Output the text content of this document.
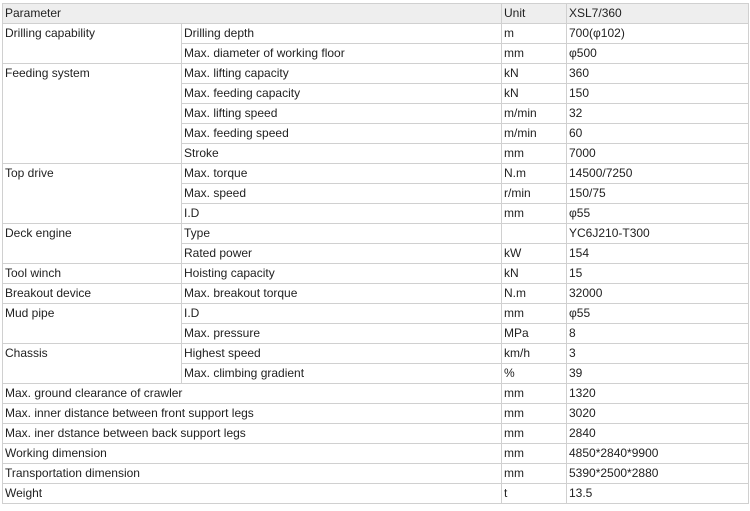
Parameter		Unit	XSL7/360
Drilling capability	Drilling depth	m	700(φ102)
	Max. diameter of working floor	mm	φ500
Feeding system	Max. lifting capacity	kN	360
	Max. feeding capacity	kN	150
	Max. lifting speed	m/min	32
	Max. feeding speed	m/min	60
	Stroke	mm	7000
Top drive	Max. torque	N.m	14500/7250
	Max. speed	r/min	150/75
	I.D	mm	φ55
Deck engine	Type		YC6J210-T300
	Rated power	kW	154
Tool winch	Hoisting capacity	kN	15
Breakout device	Max. breakout torque	N.m	32000
Mud pipe	I.D	mm	φ55
	Max. pressure	MPa	8
Chassis	Highest speed	km/h	3
	Max. climbing gradient	%	39
Max. ground clearance of crawler		mm	1320
Max. inner distance between front support legs		mm	3020
Max. iner dstance between back support legs		mm	2840
Working dimension		mm	4850*2840*9900
Transportation dimension		mm	5390*2500*2880
Weight		t	13.5
